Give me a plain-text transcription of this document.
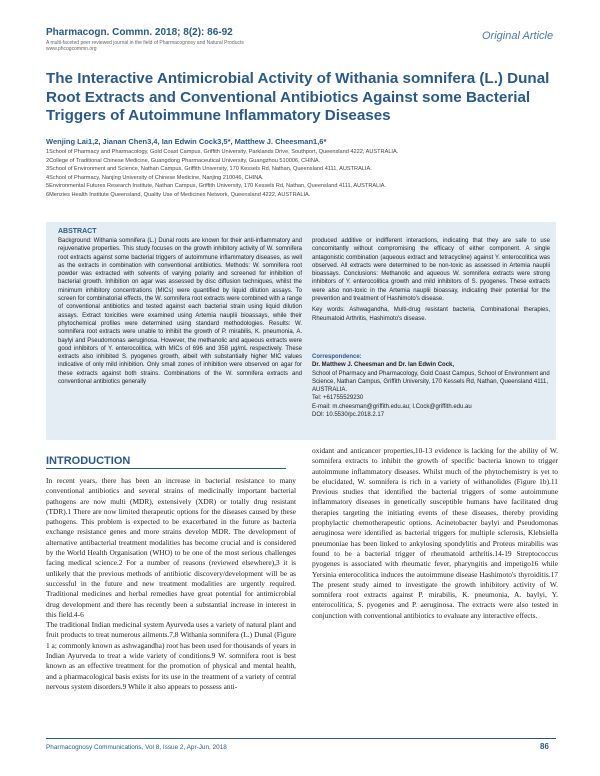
Pharmacogn. Commn. 2018; 8(2): 86-92
A multi-faceted peer reviewed journal in the field of Pharmacognosy and Natural Products
www.phcogcommn.org
Original Article
The Interactive Antimicrobial Activity of Withania somnifera (L.) Dunal Root Extracts and Conventional Antibiotics Against some Bacterial Triggers of Autoimmune Inflammatory Diseases
Wenjing Lai1,2, Jianan Chen3,4, Ian Edwin Cock3,5*, Matthew J. Cheesman1,6*
1School of Pharmacy and Pharmacology, Gold Coast Campus, Griffith University, Parklands Drive, Southport, Queensland 4222, AUSTRALIA.
2College of Traditional Chinese Medicine, Guangdong Pharmaceutical University, Guangzhou 510006, CHINA.
3School of Environment and Science, Nathan Campus, Griffith University, 170 Kessels Rd, Nathan, Queensland 4111, AUSTRALIA.
4School of Pharmacy, Nanjing University of Chinese Medicine, Nanjing 210046, CHINA.
5Environmental Futures Research Institute, Nathan Campus, Griffith University, 170 Kessels Rd, Nathan, Queensland 4111, AUSTRALIA.
6Menzies Health Institute Queensland, Quality Use of Medicines Network, Queensland 4222, AUSTRALIA.
ABSTRACT
Background: Withania somnifera (L.) Dunal roots are known for their anti-inflammatory and rejuvenative properties. This study focuses on the growth inhibitory activity of W. somnifera root extracts against some bacterial triggers of autoimmune inflammatory diseases, as well as the extracts in combination with conventional antibiotics. Methods: W. somnifera root powder was extracted with solvents of varying polarity and screened for inhibition of bacterial growth. Inhibition on agar was assessed by disc diffusion techniques, whilst the minimum inhibitory concentrations (MICs) were quantified by liquid dilution assays. To screen for combinatorial effects, the W. somnifera root extracts were combined with a range of conventional antibiotics and tested against each bacterial strain using liquid dilution assays. Extract toxicities were examined using Artemia nauplii bioassays, while their phytochemical profiles were determined using standard methodologies. Results: W. somnifera root extracts were unable to inhibit the growth of P. mirabilis, K. pneumonia, A. baylyi and Pseudomonas aeruginosa. However, the methanolic and aqueous extracts were good inhibitors of Y. enterocolitica, with MICs of 696 and 358 µg/mL respectively. These extracts also inhibited S. pyogenes growth, albeit with substantially higher MIC values indicative of only mild inhibition. Only small zones of inhibition were observed on agar for these extracts against both strains. Combinations of the W. somnifera extracts and conventional antibiotics generally

produced additive or indifferent interactions, indicating that they are safe to use concomitantly without compromising the efficacy of either component. A single antagonistic combination (aqueous extract and tetracycline) against Y. enterocolitica was observed. All extracts were determined to be non-toxic as assessed in Artemia nauplii bioassays. Conclusions: Methanolic and aqueous W. somnifera extracts were strong inhibitors of Y. enterocolitica growth and mild inhibitors of S. pyogenes. These extracts were also non-toxic in the Artemia nauplii bioassay, indicating their potential for the prevention and treatment of Hashimoto's disease.

Key words: Ashwagandha, Multi-drug resistant bacteria, Combinational therapies, Rheumatoid Arthritis, Hashimoto's disease.

Correspondence:
Dr. Matthew J. Cheesman and Dr. Ian Edwin Cock,
School of Pharmacy and Pharmacology, Gold Coast Campus, School of Environment and Science, Nathan Campus, Griffith University, 170 Kessels Rd, Nathan, Queensland 4111, AUSTRALIA.
Tel: +61755529230
E-mail: m.cheesman@griffith.edu.au; I.Cock@griffith.edu.au
DOI: 10.5530/pc.2018.2.17
INTRODUCTION

In recent years, there has been an increase in bacterial resistance to many conventional antibiotics and several strains of medicinally important bacterial pathogens are now multi (MDR), extensively (XDR) or totally drug resistant (TDR).1 There are now limited therapeutic options for the diseases caused by these pathogens. This problem is expected to be exacerbated in the future as bacteria exchange resistance genes and more strains develop MDR. The development of alternative antibacterial treatment modalities has become crucial and is considered by the World Health Organisation (WHO) to be one of the most serious challenges facing medical science.2 For a number of reasons (reviewed elsewhere),3 it is unlikely that the previous methods of antibiotic discovery/development will be as successful in the future and new treatment modalities are urgently required. Traditional medicines and herbal remedies have great potential for antimicrobial drug development and there has recently been a substantial increase in interest in this field.4-6

The traditional Indian medicinal system Ayurveda uses a variety of natural plant and fruit products to treat numerous ailments.7,8 Withania somnifera (L.) Dunal (Figure 1 a; commonly known as ashwagandha) root has been used for thousands of years in Indian Ayurveda to treat a wide variety of conditions.9 W. somnifera root is best known as an effective treatment for the promotion of physical and mental health, and a pharmacological basis exists for its use in the treatment of a variety of central nervous system disorders.9 While it also appears to possess anti-

oxidant and anticancer properties,10-13 evidence is lacking for the ability of W. somnifera extracts to inhibit the growth of specific bacteria known to trigger autoimmune inflammatory diseases. Whilst much of the phytochemistry is yet to be elucidated, W. somnifera is rich in a variety of withanolides (Figure 1b).11 Previous studies that identified the bacterial triggers of some autoimmune inflammatory diseases in genetically susceptible humans have facilitated drug therapies targeting the initiating events of these diseases, thereby providing prophylactic chemotherapeutic options. Acinetobacter baylyi and Pseudomonas aeruginosa were identified as bacterial triggers for multiple sclerosis, Klebsiella pneumoniae has been linked to ankylosing spondylitis and Proteus mirabilis was found to be a bacterial trigger of rheumatoid arthritis.14-19 Streptococcus pyogenes is associated with rheumatic fever, pharyngitis and impetigo16 while Yersinia enterocolitica induces the autoimmune disease Hashimoto's thyroiditis.17 The present study aimed to investigate the growth inhibitory activity of W. somnifera root extracts against P. mirabilis, K. pneumonia, A. baylyi, Y. enterocolitica, S. pyogenes and P. aeruginosa. The extracts were also tested in conjunction with conventional antibiotics to evaluate any interactive effects.

Pharmacognosy Communications, Vol 8, Issue 2, Apr-Jun, 2018	86
